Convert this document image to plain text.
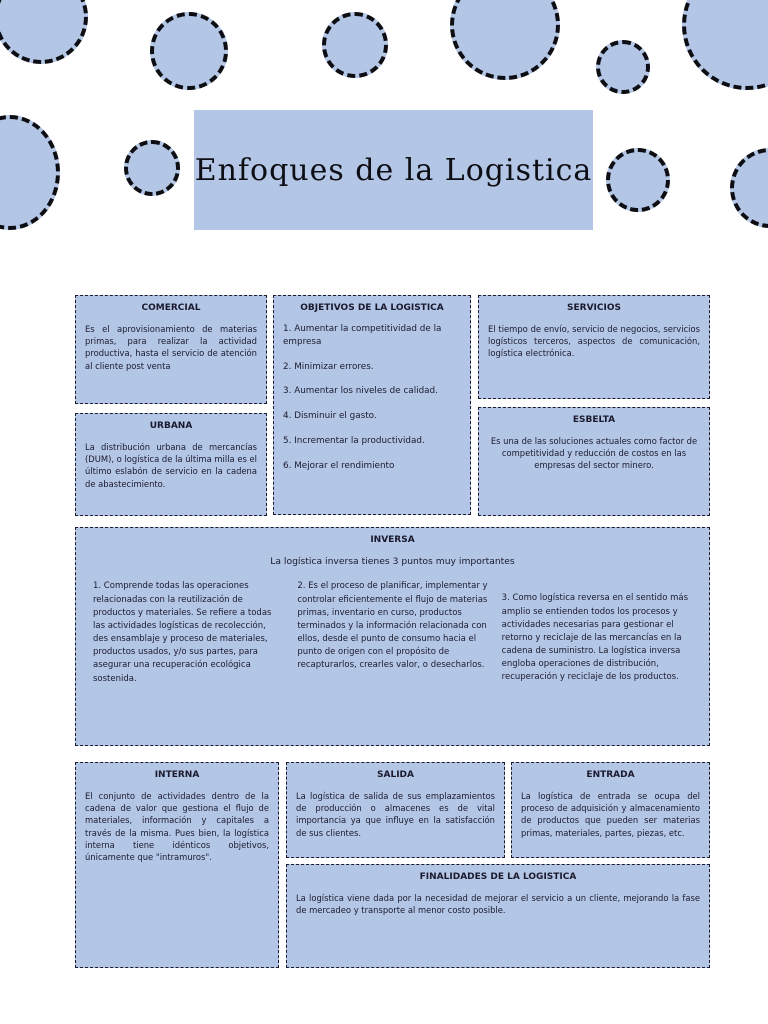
Enfoques de la Logistica
COMERCIAL

Es el aprovisionamiento de materias primas, para realizar la actividad productiva, hasta el servicio de atención al cliente post venta

OBJETIVOS DE LA LOGISTICA
1. Aumentar la competitividad de la empresa
2. Minimizar errores.
3. Aumentar los niveles de calidad.
4. Disminuir el gasto.
5. Incrementar la productividad.
6. Mejorar el rendimiento
SERVICIOS

El tiempo de envío, servicio de negocios, servicios logísticos terceros, aspectos de comunicación, logística electrónica.

URBANA

La distribución urbana de mercancías (DUM), o logística de la última milla es el último eslabón de servicio en la cadena de abastecimiento.

ESBELTA

Es una de las soluciones actuales como factor de competitividad y reducción de costos en las empresas del sector minero.

INVERSA
La logística inversa tienes 3 puntos muy importantes
1. Comprende todas las operaciones relacionadas con la reutilización de productos y materiales. Se refiere a todas las actividades logísticas de recolección, des ensamblaje y proceso de materiales, productos usados, y/o sus partes, para asegurar una recuperación ecológica sostenida.
2. Es el proceso de planificar, implementar y controlar eficientemente el flujo de materias primas, inventario en curso, productos terminados y la información relacionada con ellos, desde el punto de consumo hacia el punto de origen con el propósito de recapturarlos, crearles valor, o desecharlos.
3. Como logística reversa en el sentido más amplio se entienden todos los procesos y actividades necesarias para gestionar el retorno y reciclaje de las mercancías en la cadena de suministro. La logística inversa engloba operaciones de distribución, recuperación y reciclaje de los productos.
INTERNA

El conjunto de actividades dentro de la cadena de valor que gestiona el flujo de materiales, información y capitales a través de la misma. Pues bien, la logística interna tiene idénticos objetivos, únicamente que "intramuros".

SALIDA

La logística de salida de sus emplazamientos de producción o almacenes es de vital importancia ya que influye en la satisfacción de sus clientes.

ENTRADA

La logística de entrada se ocupa del proceso de adquisición y almacenamiento de productos que pueden ser materias primas, materiales, partes, piezas, etc.

FINALIDADES DE LA LOGISTICA

La logística viene dada por la necesidad de mejorar el servicio a un cliente, mejorando la fase de mercadeo y transporte al menor costo posible.
